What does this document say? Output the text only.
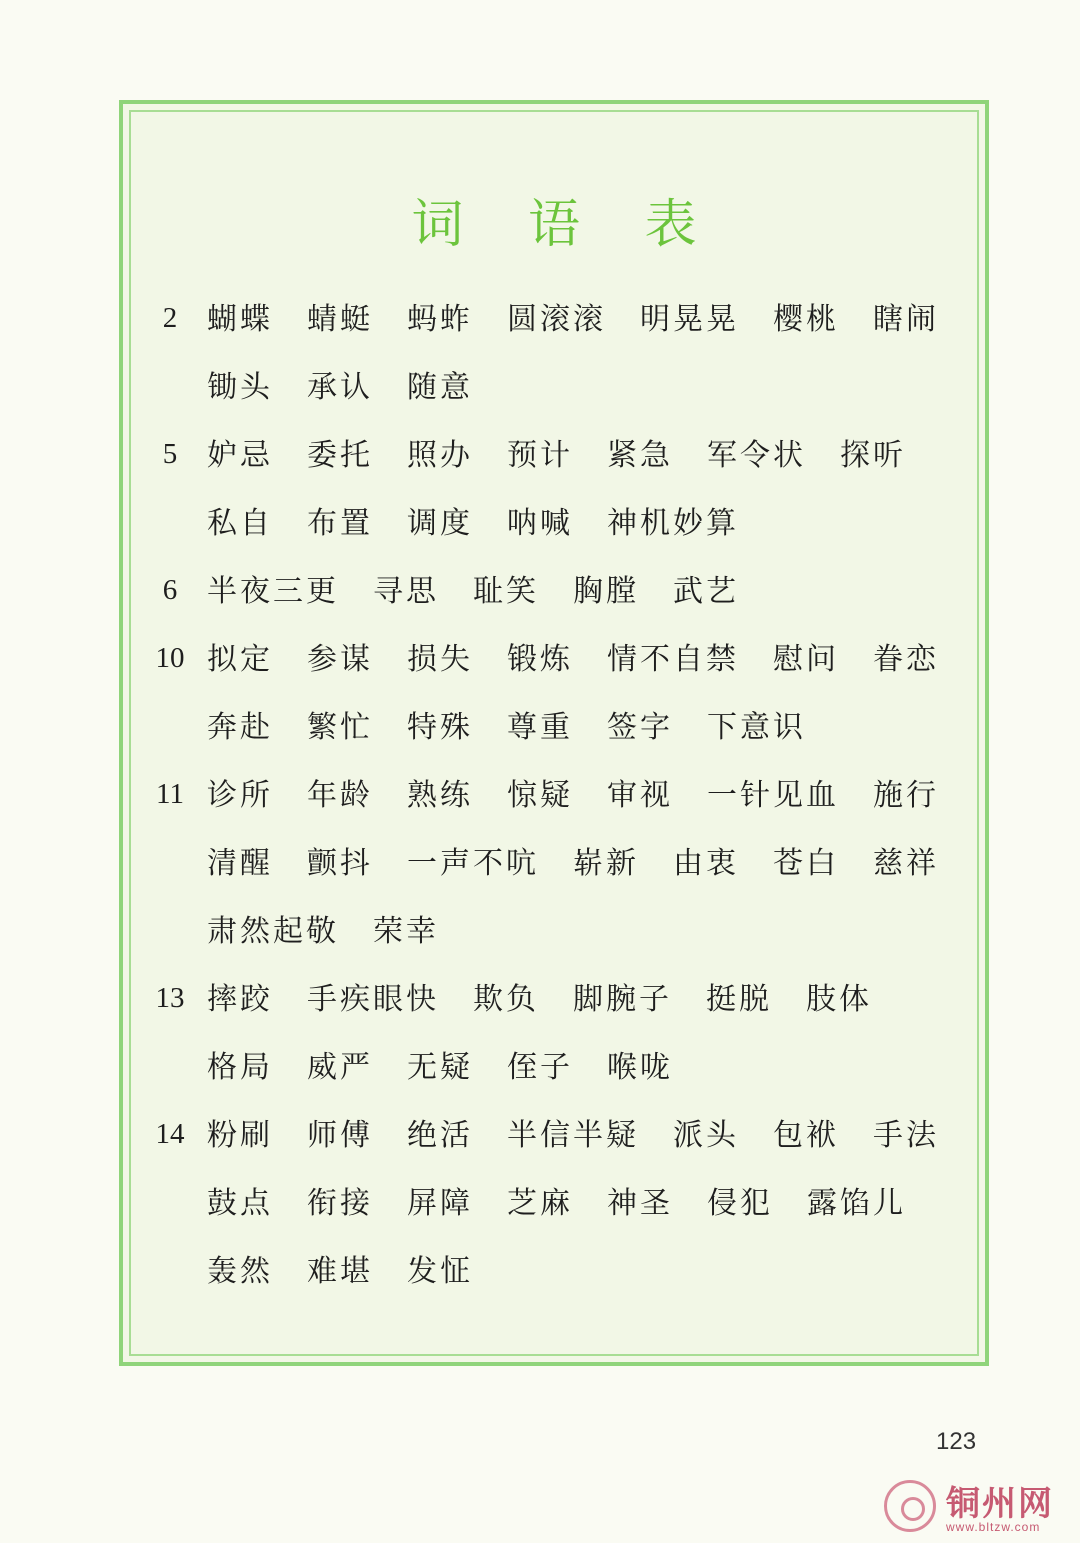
词 语 表
2 蝴蝶 蜻蜓 蚂蚱 圆滚滚 明晃晃 樱桃 瞎闹
锄头 承认 随意
5 妒忌 委托 照办 预计 紧急 军令状 探听
私自 布置 调度 呐喊 神机妙算
6 半夜三更 寻思 耻笑 胸膛 武艺
10 拟定 参谋 损失 锻炼 情不自禁 慰问 眷恋
奔赴 繁忙 特殊 尊重 签字 下意识
11 诊所 年龄 熟练 惊疑 审视 一针见血 施行
清醒 颤抖 一声不吭 崭新 由衷 苍白 慈祥
肃然起敬 荣幸
13 摔跤 手疾眼快 欺负 脚腕子 挺脱 肢体
格局 威严 无疑 侄子 喉咙
14 粉刷 师傅 绝活 半信半疑 派头 包袱 手法
鼓点 衔接 屏障 芝麻 神圣 侵犯 露馅儿
轰然 难堪 发怔
123
铜州网
www.bltzw.com
